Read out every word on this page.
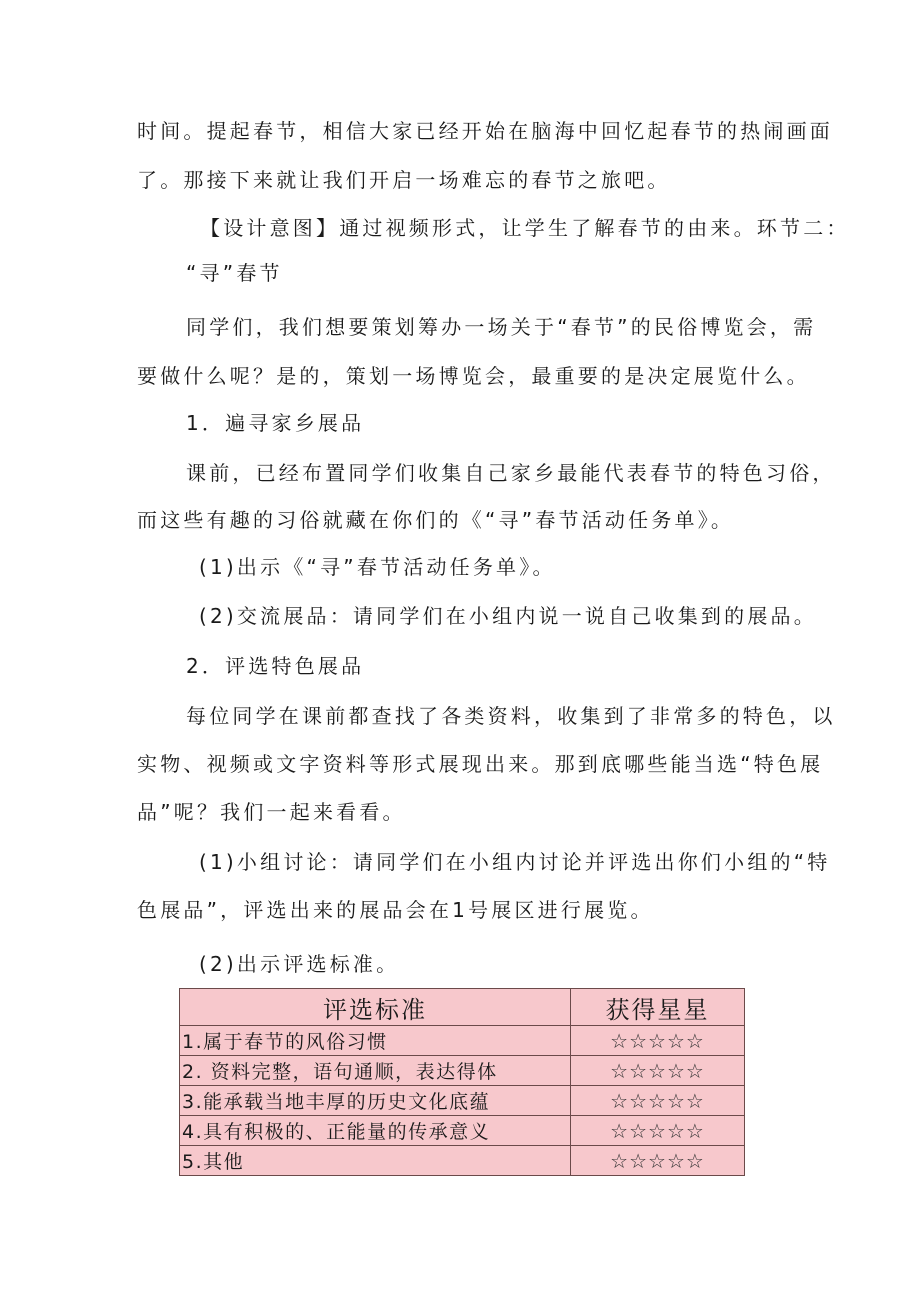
时间。提起春节，相信大家已经开始在脑海中回忆起春节的热闹画面
了。那接下来就让我们开启一场难忘的春节之旅吧。
【设计意图】通过视频形式，让学生了解春节的由来。环节二：
“寻”春节
同学们，我们想要策划筹办一场关于“春节”的民俗博览会，需
要做什么呢？是的，策划一场博览会，最重要的是决定展览什么。
1．遍寻家乡展品
课前，已经布置同学们收集自己家乡最能代表春节的特色习俗，
而这些有趣的习俗就藏在你们的《“寻”春节活动任务单》。
(1)出示《“寻”春节活动任务单》。
(2)交流展品：请同学们在小组内说一说自己收集到的展品。
2．评选特色展品
每位同学在课前都查找了各类资料，收集到了非常多的特色，以
实物、视频或文字资料等形式展现出来。那到底哪些能当选“特色展
品”呢？我们一起来看看。
(1)小组讨论：请同学们在小组内讨论并评选出你们小组的“特
色展品”，评选出来的展品会在1号展区进行展览。
(2)出示评选标准。
评选标准	获得星星
1.属于春节的风俗习惯	☆☆☆☆☆
2. 资料完整，语句通顺，表达得体	☆☆☆☆☆
3.能承载当地丰厚的历史文化底蕴	☆☆☆☆☆
4.具有积极的、正能量的传承意义	☆☆☆☆☆
5.其他	☆☆☆☆☆
